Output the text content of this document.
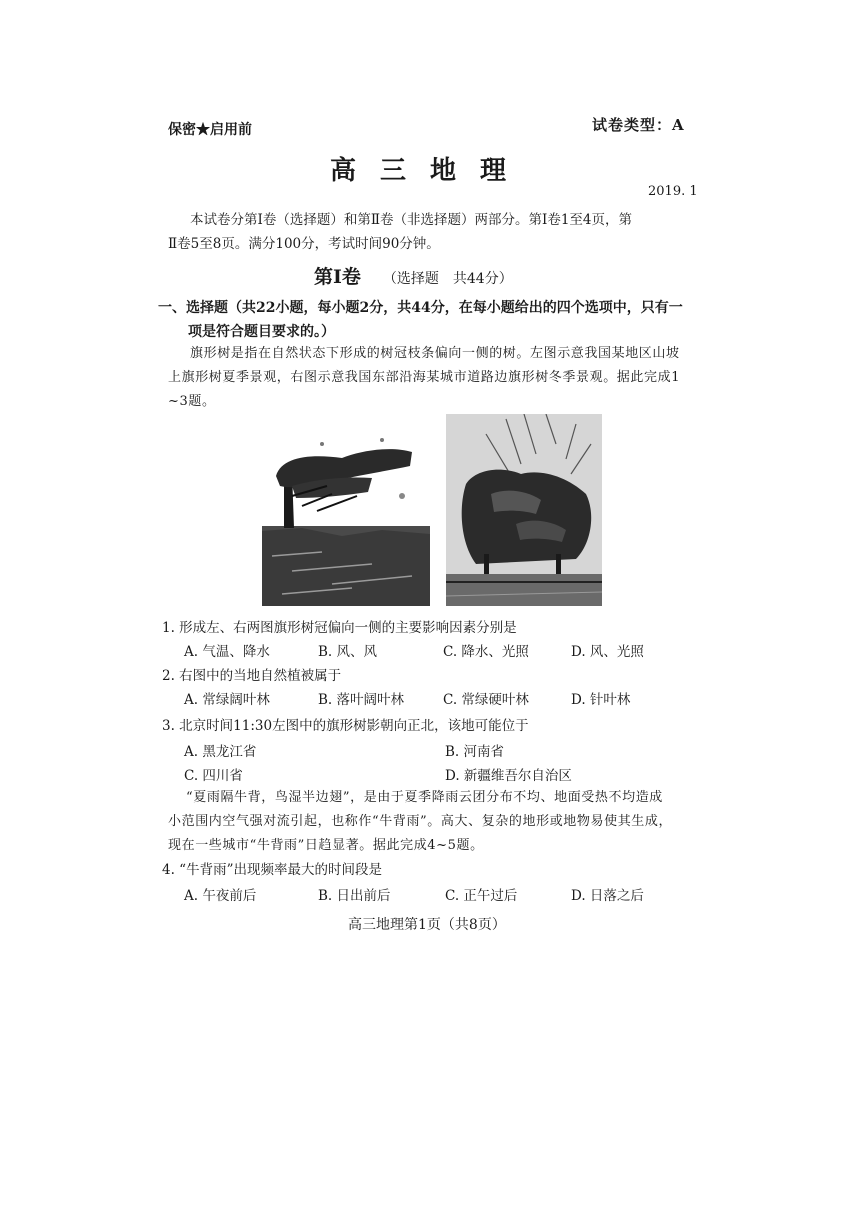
保密★启用前	试卷类型：A
高三地理
2019. 1
本试卷分第Ⅰ卷（选择题）和第Ⅱ卷（非选择题）两部分。第Ⅰ卷1至4页，第
Ⅱ卷5至8页。满分100分，考试时间90分钟。
第Ⅰ卷 （选择题　共44分）
一、选择题（共22小题，每小题2分，共44分，在每小题给出的四个选项中，只有一
项是符合题目要求的。）
旗形树是指在自然状态下形成的树冠枝条偏向一侧的树。左图示意我国某地区山坡
上旗形树夏季景观，右图示意我国东部沿海某城市道路边旗形树冬季景观。据此完成1
~3题。
1. 形成左、右两图旗形树冠偏向一侧的主要影响因素分别是
A. 气温、降水	B. 风、风	C. 降水、光照	D. 风、光照
2. 右图中的当地自然植被属于
A. 常绿阔叶林	B. 落叶阔叶林	C. 常绿硬叶林	D. 针叶林
3. 北京时间11:30左图中的旗形树影朝向正北，该地可能位于
A. 黑龙江省	B. 河南省
C. 四川省	D. 新疆维吾尔自治区
“夏雨隔牛背，鸟湿半边翅”，是由于夏季降雨云团分布不均、地面受热不均造成
小范围内空气强对流引起，也称作“牛背雨”。高大、复杂的地形或地物易使其生成，
现在一些城市“牛背雨”日趋显著。据此完成4~5题。
4. “牛背雨”出现频率最大的时间段是
A. 午夜前后	B. 日出前后	C. 正午过后	D. 日落之后
高三地理第1页（共8页）
